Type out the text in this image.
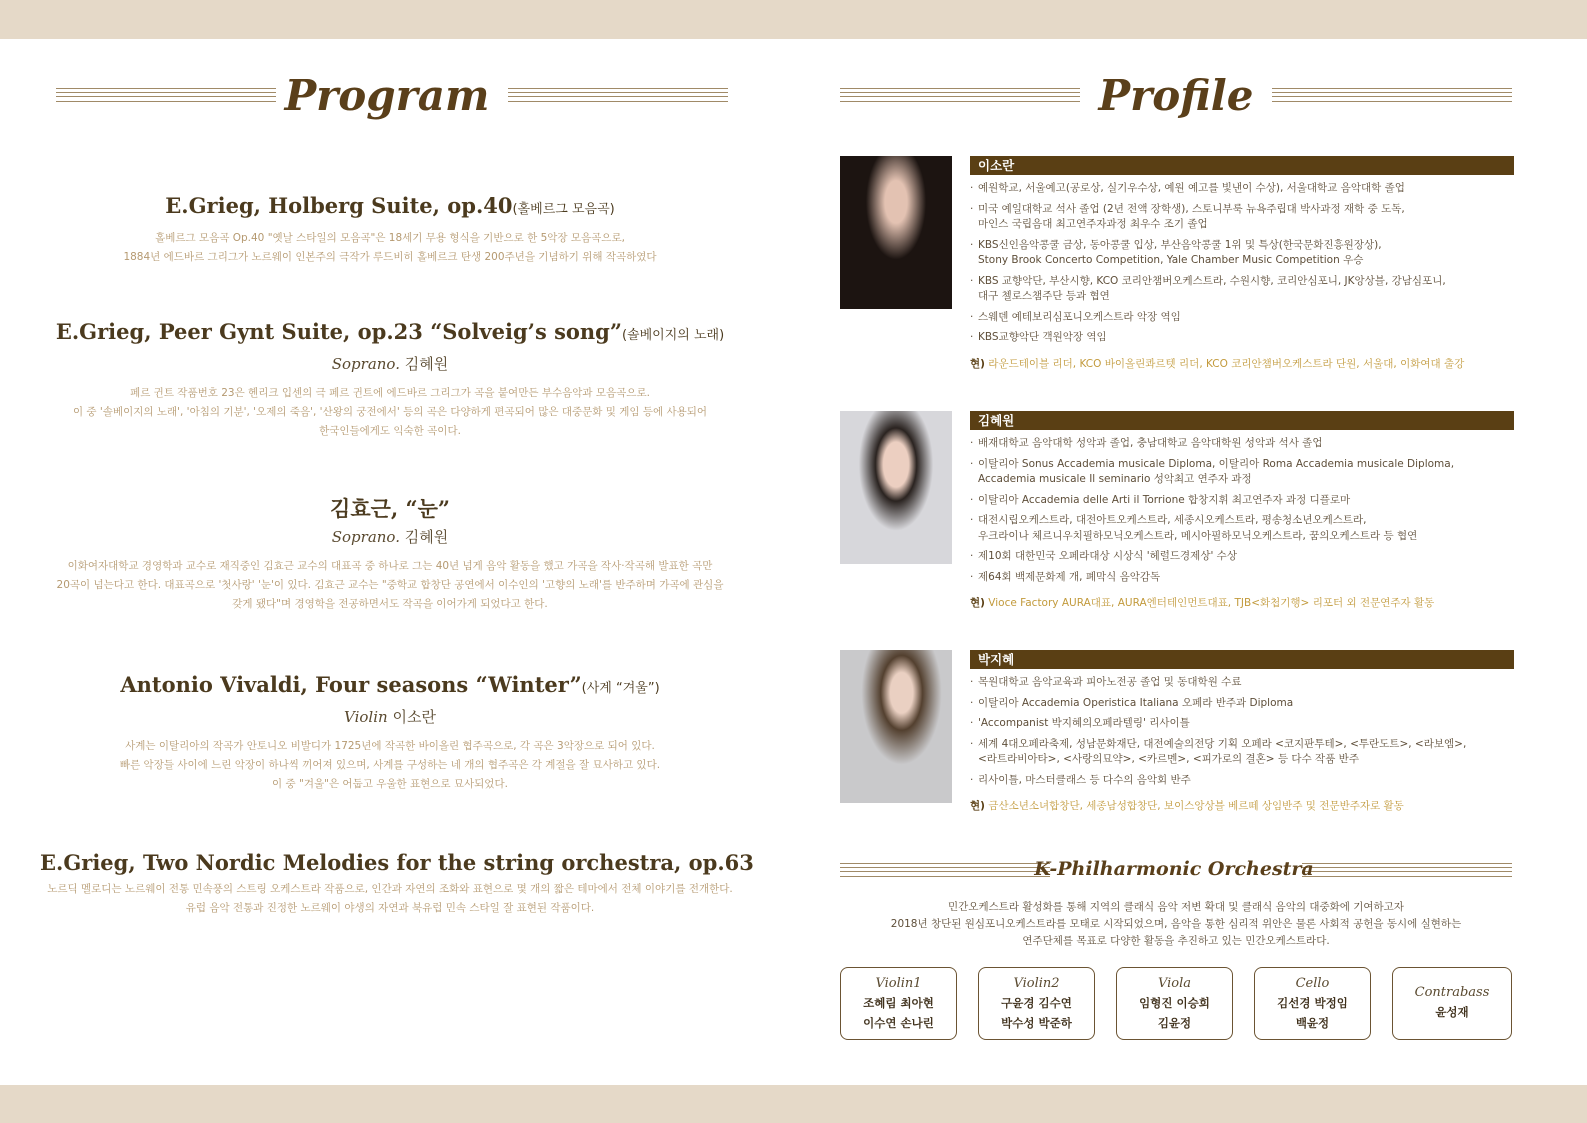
Program
E.Grieg, Holberg Suite, op.40(홀베르그 모음곡)
홀베르그 모음곡 Op.40 "옛날 스타일의 모음곡"은 18세기 무용 형식을 기반으로 한 5악장 모음곡으로,
1884년 에드바르 그리그가 노르웨이 인본주의 극작가 루드비히 홀베르크 탄생 200주년을 기념하기 위해 작곡하였다
E.Grieg, Peer Gynt Suite, op.23 “Solveig’s song”(솔베이지의 노래)
Soprano. 김혜원
페르 귄트 작품번호 23은 헨리크 입센의 극 페르 귄트에 에드바르 그리그가 곡을 붙여만든 부수음악과 모음곡으로.
이 중 '솔베이지의 노래', '아침의 기분', '오제의 죽음', '산왕의 궁전에서' 등의 곡은 다양하게 편곡되어 많은 대중문화 및 게임 등에 사용되어
한국인들에게도 익숙한 곡이다.
김효근, “눈”
Soprano. 김혜원
이화여자대학교 경영학과 교수로 재직중인 김효근 교수의 대표곡 중 하나로 그는 40년 넘게 음악 활동을 했고 가곡을 작사·작곡해 발표한 곡만
20곡이 넘는다고 한다. 대표곡으로 '첫사랑' '눈'이 있다. 김효근 교수는 "중학교 합창단 공연에서 이수인의 '고향의 노래'를 반주하며 가곡에 관심을
갖게 됐다"며 경영학을 전공하면서도 작곡을 이어가게 되었다고 한다.
Antonio Vivaldi, Four seasons “Winter”(사계 “겨울”)
Violin 이소란
사계는 이탈리아의 작곡가 안토니오 비발디가 1725년에 작곡한 바이올린 협주곡으로, 각 곡은 3악장으로 되어 있다.
빠른 악장들 사이에 느린 악장이 하나씩 끼어져 있으며, 사계를 구성하는 네 개의 협주곡은 각 계절을 잘 묘사하고 있다.
이 중 "겨울"은 어둡고 우울한 표현으로 묘사되었다.
E.Grieg, Two Nordic Melodies for the string orchestra, op.63
노르딕 멜로디는 노르웨이 전통 민속풍의 스트링 오케스트라 작품으로, 인간과 자연의 조화와 표현으로 몇 개의 짧은 테마에서 전체 이야기를 전개한다.
유럽 음악 전통과 진정한 노르웨이 야생의 자연과 북유럽 민속 스타일 잘 표현된 작품이다.
Profile
이소란
· 예원학교, 서울예고(공로상, 실기우수상, 예원 예고를 빛낸이 수상), 서울대학교 음악대학 졸업
· 미국 예일대학교 석사 졸업 (2년 전액 장학생), 스토니부룩 뉴욕주립대 박사과정 재학 중 도독,
마인스 국립음대 최고연주자과정 최우수 조기 졸업
· KBS신인음악콩쿨 금상, 동아콩쿨 입상, 부산음악콩쿨 1위 및 특상(한국문화진흥원장상),
Stony Brook Concerto Competition, Yale Chamber Music Competition 우승
· KBS 교향악단, 부산시향, KCO 코리안챔버오케스트라, 수원시향, 코리안심포니, JK앙상블, 강남심포니,
대구 첼로스챔주단 등과 협연
· 스웨덴 예테보리심포니오케스트라 악장 역임
· KBS교향악단 객원악장 역임
현) 라운드테이블 리더, KCO 바이올린콰르텟 리더, KCO 코리안챔버오케스트라 단원, 서울대, 이화여대 출강
김혜원
· 배재대학교 음악대학 성악과 졸업, 충남대학교 음악대학원 성악과 석사 졸업
· 이탈리아 Sonus Accademia musicale Diploma, 이탈리아 Roma Accademia musicale Diploma,
Accademia musicale Il seminario 성악최고 연주자 과정
· 이탈리아 Accademia delle Arti il Torrione 합창지휘 최고연주자 과정 디플로마
· 대전시립오케스트라, 대전아트오케스트라, 세종시오케스트라, 평송청소년오케스트라,
우크라이나 체르니우치필하모닉오케스트라, 메시아필하모닉오케스트라, 꿈의오케스트라 등 협연
· 제10회 대한민국 오페라대상 시상식 '헤럴드경제상' 수상
· 제64회 백제문화제 개, 폐막식 음악감독
현) Vioce Factory AURA대표, AURA엔터테인먼트대표, TJB<화첩기행> 리포터 외 전문연주자 활동
박지혜
· 목원대학교 음악교육과 피아노전공 졸업 및 동대학원 수료
· 이탈리아 Accademia Operistica Italiana 오페라 반주과 Diploma
· 'Accompanist 박지혜의오페라텔링' 리사이틀
· 세계 4대오페라축제, 성남문화재단, 대전예술의전당 기획 오페라 <코지판투테>, <투란도트>, <라보엠>,
<라트라비아타>, <사랑의묘약>, <카르멘>, <피가로의 결혼> 등 다수 작품 반주
· 리사이틀, 마스터클래스 등 다수의 음악회 반주
현) 금산소년소녀합창단, 세종남성합창단, 보이스앙상블 베르떼 상임반주 및 전문반주자로 활동
K-Philharmonic Orchestra
민간오케스트라 활성화를 통해 지역의 클래식 음악 저변 확대 및 클래식 음악의 대중화에 기여하고자
2018년 창단된 원심포니오케스트라를 모태로 시작되었으며, 음악을 통한 심리적 위안은 물론 사회적 공헌을 동시에 실현하는
연주단체를 목표로 다양한 활동을 추진하고 있는 민간오케스트라다.
Violin1
조혜림 최아현
이수연 손나린
Violin2
구윤경 김수연
박수성 박준하
Viola
임형진 이승희
김윤정
Cello
김선경 박정임
백윤정
Contrabass
윤성재
